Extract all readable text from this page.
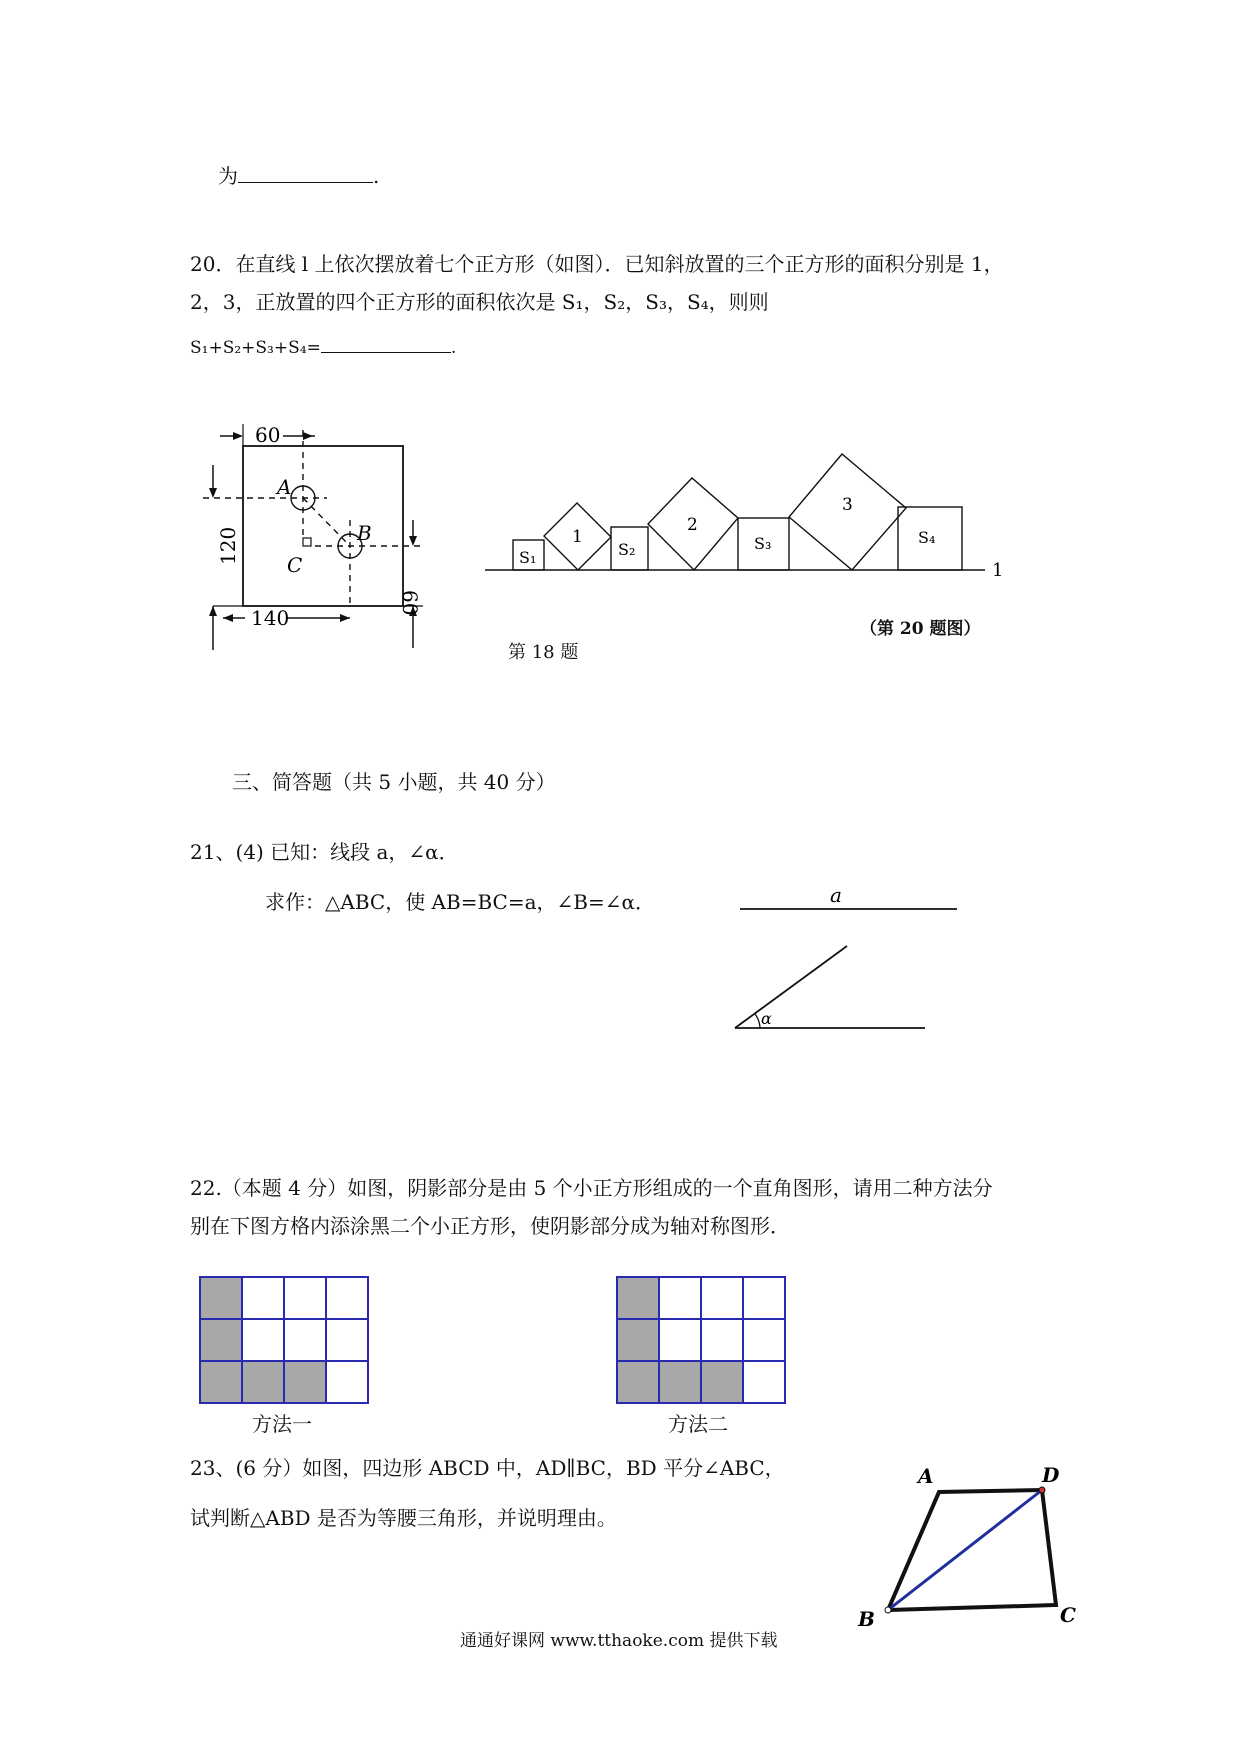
为	.
20．在直线 l 上依次摆放着七个正方形（如图）．已知斜放置的三个正方形的面积分别是 1，
2，3，正放置的四个正方形的面积依次是 S₁，S₂，S₃，S₄，则则
S₁+S₂+S₃+S₄=	.
60
A
B
C
120
140
60
第 18 题
1
S₁
1
S₂
2
S₃
3
S₄
（第 20 题图）
三、简答题（共 5 小题，共 40 分）
21、(4) 已知：线段 a，∠α．
求作：△ABC，使 AB=BC=a，∠B=∠α．	a
α
22.（本题 4 分）如图，阴影部分是由 5 个小正方形组成的一个直角图形，请用二种方法分
别在下图方格内添涂黑二个小正方形，使阴影部分成为轴对称图形．
方法一	方法二
23、(6 分）如图，四边形 ABCD 中，AD∥BC，BD 平分∠ABC，
试判断△ABD 是否为等腰三角形，并说明理由。
A	D
B	C
通通好课网 www.tthaoke.com 提供下载
